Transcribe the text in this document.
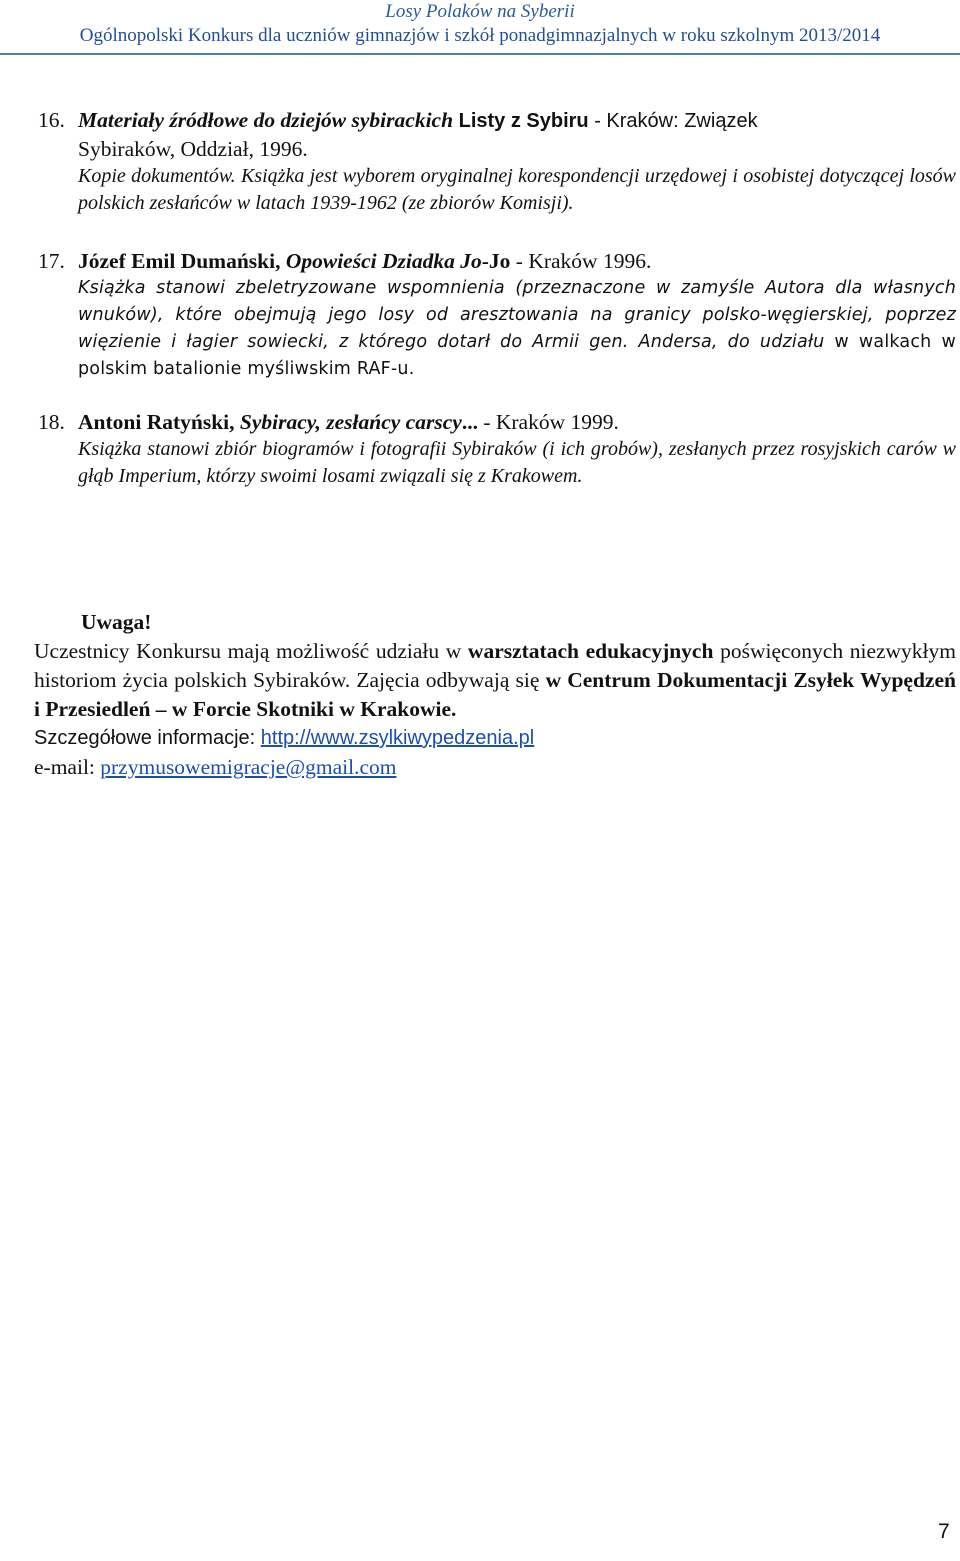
Losy Polaków na Syberii
Ogólnopolski Konkurs dla uczniów gimnazjów i szkół ponadgimnazjalnych w roku szkolnym 2013/2014
16. Materiały źródłowe do dziejów sybirackich Listy z Sybiru - Kraków: Związek
Sybiraków, Oddział, 1996.
Kopie dokumentów. Książka jest wyborem oryginalnej korespondencji urzędowej i osobistej dotyczącej losów polskich zesłańców w latach 1939-1962 (ze zbiorów Komisji).
17. Józef Emil Dumański, Opowieści Dziadka Jo-Jo - Kraków 1996.
Książka stanowi zbeletryzowane wspomnienia (przeznaczone w zamyśle Autora dla własnych wnuków), które obejmują jego losy od aresztowania na granicy polsko-węgierskiej, poprzez więzienie i łagier sowiecki, z którego dotarł do Armii gen. Andersa, do udziału w walkach w polskim batalionie myśliwskim RAF-u.
18. Antoni Ratyński, Sybiracy, zesłańcy carscy... - Kraków 1999.
Książka stanowi zbiór biogramów i fotografii Sybiraków (i ich grobów), zesłanych przez rosyjskich carów w głąb Imperium, którzy swoimi losami związali się z Krakowem.
Uwaga!
Uczestnicy Konkursu mają możliwość udziału w warsztatach edukacyjnych poświęconych niezwykłym historiom życia polskich Sybiraków. Zajęcia odbywają się w Centrum Dokumentacji Zsyłek Wypędzeń i Przesiedleń – w Forcie Skotniki w Krakowie.
Szczegółowe informacje: http://www.zsylkiwypedzenia.pl
e-mail: przymusowemigracje@gmail.com
7
